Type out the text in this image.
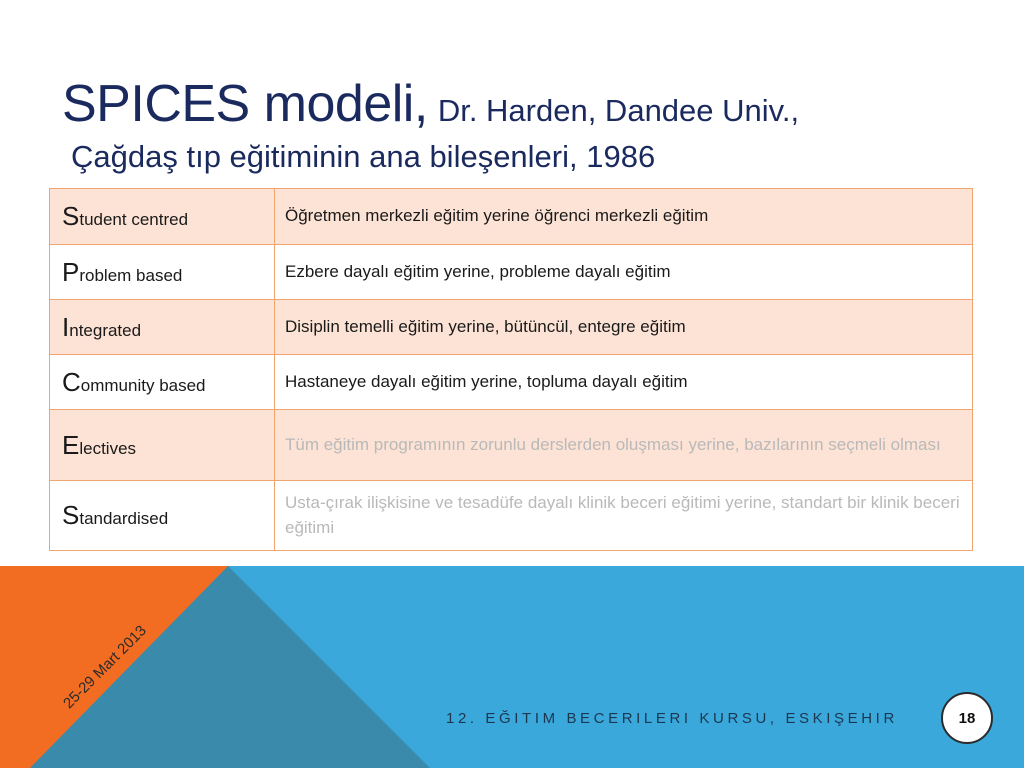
SPICES modeli, Dr. Harden, Dandee Univ.,
Çağdaş tıp eğitiminin ana bileşenleri, 1986
Student centred	Öğretmen merkezli eğitim yerine öğrenci merkezli eğitim
Problem based	Ezbere dayalı eğitim yerine, probleme dayalı eğitim
Integrated	Disiplin temelli eğitim yerine, bütüncül, entegre eğitim
Community based	Hastaneye dayalı eğitim yerine, topluma dayalı eğitim
Electives	Tüm eğitim programının zorunlu derslerden oluşması yerine, bazılarının seçmeli olması
Standardised	Usta-çırak ilişkisine ve tesadüfe dayalı klinik beceri eğitimi yerine, standart bir klinik beceri eğitimi
25-29 Mart 2013
12. EĞITIM BECERILERI KURSU, ESKIŞEHIR	18
